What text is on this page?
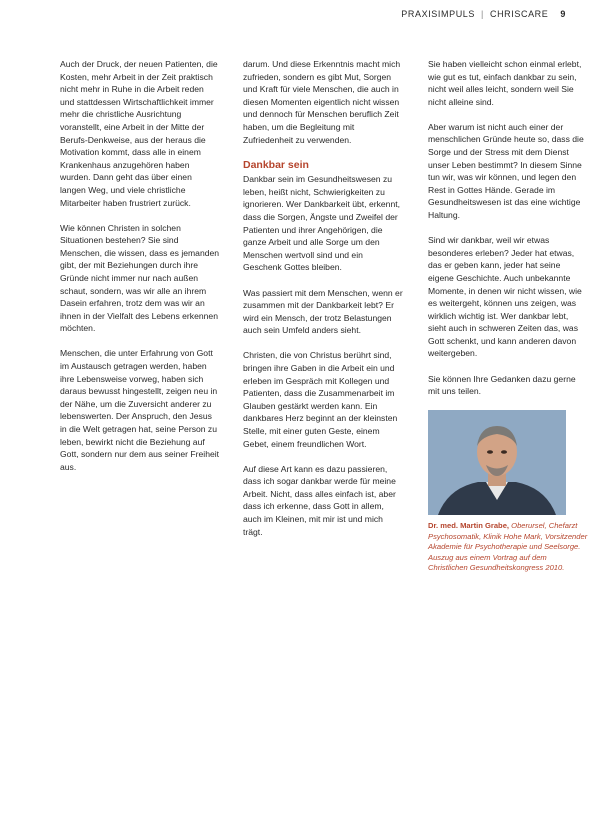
PRAXISIMPULS | CHRISCARE 9

Auch der Druck, der neuen Patienten, die Kosten, mehr Arbeit in der Zeit praktisch nicht mehr in Ruhe in die Arbeit reden und stattdessen Wirtschaftlichkeit immer mehr die christliche Ausrichtung voranstellt, eine Arbeit in der Mitte der Berufs-Denkweise, aus der heraus die Motivation kommt, dass alle in einem Krankenhaus anzugehören haben wurden. Dann geht das über einen langen Weg, und viele christliche Mitarbeiter haben frustriert zurück.

Wie können Christen in solchen Situationen bestehen? Sie sind Menschen, die wissen, dass es jemanden gibt, der mit Beziehungen durch ihre Gründe nicht immer nur nach außen schaut, sondern, was wir alle an ihrem Dasein erfahren, trotz dem was wir an ihnen in der Vielfalt des Lebens erkennen möchten.

Menschen, die unter Erfahrung von Gott im Austausch getragen werden, haben ihre Lebensweise vorweg, haben sich daraus bewusst hingestellt, zeigen neu in der Nähe, um die Zuversicht anderer zu lebenswerten. Der Anspruch, den Jesus in die Welt getragen hat, seine Person zu leben, bewirkt nicht die Beziehung auf Gott, sondern nur dem aus seiner Freiheit aus.

darum. Und diese Erkenntnis macht mich zufrieden, sondern es gibt Mut, Sorgen und Kraft für viele Menschen, die auch in diesen Momenten eigentlich nicht wissen und dennoch für Menschen beruflich Zeit haben, um die Begleitung mit Zufriedenheit zu verwenden.

Dankbar sein

Dankbar sein im Gesundheitswesen zu leben, heißt nicht, Schwierigkeiten zu ignorieren. Wer Dankbarkeit übt, erkennt, dass die Sorgen, Ängste und Zweifel der Patienten und ihrer Angehörigen, die ganze Arbeit und alle Sorge um den Menschen wertvoll sind und ein Geschenk Gottes bleiben.

Was passiert mit dem Menschen, wenn er zusammen mit der Dankbarkeit lebt? Er wird ein Mensch, der trotz Belastungen auch sein Umfeld anders sieht.

Christen, die von Christus berührt sind, bringen ihre Gaben in die Arbeit ein und erleben im Gespräch mit Kollegen und Patienten, dass die Zusammenarbeit im Glauben gestärkt werden kann. Ein dankbares Herz beginnt an der kleinsten Stelle, mit einer guten Geste, einem Gebet, einem freundlichen Wort.

Auf diese Art kann es dazu passieren, dass ich sogar dankbar werde für meine Arbeit. Nicht, dass alles einfach ist, aber dass ich erkenne, dass Gott in allem, auch im Kleinen, mit mir ist und mich trägt.

Sie haben vielleicht schon einmal erlebt, wie gut es tut, einfach dankbar zu sein, nicht weil alles leicht, sondern weil Sie nicht alleine sind.

Aber warum ist nicht auch einer der menschlichen Gründe heute so, dass die Sorge und der Stress mit dem Dienst unser Leben bestimmt? In diesem Sinne tun wir, was wir können, und legen den Rest in Gottes Hände. Gerade im Gesundheitswesen ist das eine wichtige Haltung.

Sind wir dankbar, weil wir etwas besonderes erleben? Jeder hat etwas, das er geben kann, jeder hat seine eigene Geschichte. Auch unbekannte Momente, in denen wir nicht wissen, wie es weitergeht, können uns zeigen, was wirklich wichtig ist. Wer dankbar lebt, sieht auch in schweren Zeiten das, was Gott schenkt, und kann anderen davon weitergeben.

Sie können Ihre Gedanken dazu gerne mit uns teilen.

Dr. med. Martin Grabe, Oberursel, Chefarzt Psychosomatik, Klinik Hohe Mark, Vorsitzender Akademie für Psychotherapie und Seelsorge. Auszug aus einem Vortrag auf dem Christlichen Gesundheitskongress 2010.
